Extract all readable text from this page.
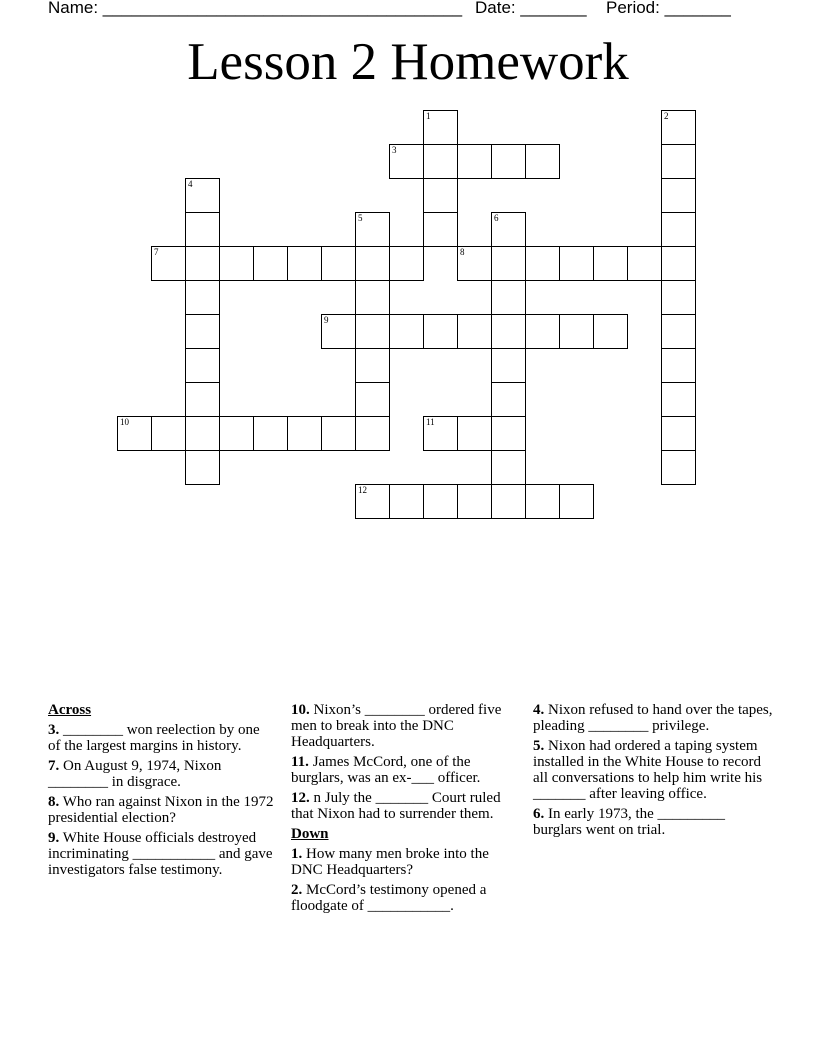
Name: ______________________________________ Date: _______ Period: _______
Lesson 2 Homework
1	2
3
4
5	6
7	8
9
10	11
12
Across
3. ________ won reelection by one of the largest margins in history.
7. On August 9, 1974, Nixon ________ in disgrace.
8. Who ran against Nixon in the 1972 presidential election?
9. White House officials destroyed incriminating ___________ and gave investigators false testimony.
10. Nixon’s ________ ordered five men to break into the DNC Headquarters.
11. James McCord, one of the burglars, was an ex-___ officer.
12. n July the _______ Court ruled that Nixon had to surrender them.
Down
1. How many men broke into the DNC Headquarters?
2. McCord’s testimony opened a floodgate of ___________.
4. Nixon refused to hand over the tapes, pleading ________ privilege.
5. Nixon had ordered a taping system installed in the White House to record all conversations to help him write his _______ after leaving office.
6. In early 1973, the _________ burglars went on trial.
